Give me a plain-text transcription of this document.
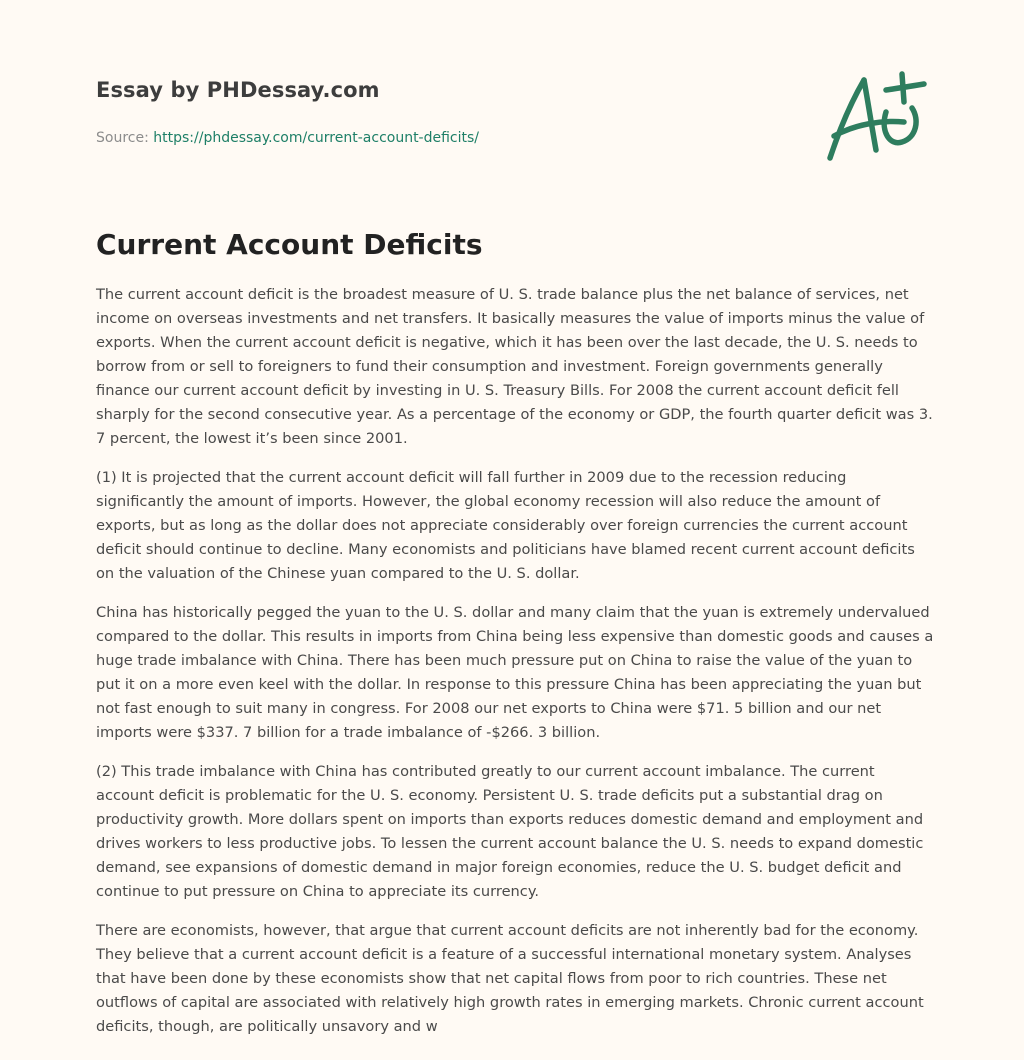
Essay by PHDessay.com
Source: https://phdessay.com/current-account-deficits/
Current Account Deficits

The current account deficit is the broadest measure of U. S. trade balance plus the net balance of services, net income on overseas investments and net transfers. It basically measures the value of imports minus the value of exports. When the current account deficit is negative, which it has been over the last decade, the U. S. needs to borrow from or sell to foreigners to fund their consumption and investment. Foreign governments generally finance our current account deficit by investing in U. S. Treasury Bills. For 2008 the current account deficit fell sharply for the second consecutive year. As a percentage of the economy or GDP, the fourth quarter deficit was 3. 7 percent, the lowest it’s been since 2001.

(1) It is projected that the current account deficit will fall further in 2009 due to the recession reducing significantly the amount of imports. However, the global economy recession will also reduce the amount of exports, but as long as the dollar does not appreciate considerably over foreign currencies the current account deficit should continue to decline. Many economists and politicians have blamed recent current account deficits on the valuation of the Chinese yuan compared to the U. S. dollar.

China has historically pegged the yuan to the U. S. dollar and many claim that the yuan is extremely undervalued compared to the dollar. This results in imports from China being less expensive than domestic goods and causes a huge trade imbalance with China. There has been much pressure put on China to raise the value of the yuan to put it on a more even keel with the dollar. In response to this pressure China has been appreciating the yuan but not fast enough to suit many in congress. For 2008 our net exports to China were $71. 5 billion and our net imports were $337. 7 billion for a trade imbalance of -$266. 3 billion.

(2) This trade imbalance with China has contributed greatly to our current account imbalance. The current account deficit is problematic for the U. S. economy. Persistent U. S. trade deficits put a substantial drag on productivity growth. More dollars spent on imports than exports reduces domestic demand and employment and drives workers to less productive jobs. To lessen the current account balance the U. S. needs to expand domestic demand, see expansions of domestic demand in major foreign economies, reduce the U. S. budget deficit and continue to put pressure on China to appreciate its currency.

There are economists, however, that argue that current account deficits are not inherently bad for the economy. They believe that a current account deficit is a feature of a successful international monetary system. Analyses that have been done by these economists show that net capital flows from poor to rich countries. These net outflows of capital are associated with relatively high growth rates in emerging markets. Chronic current account deficits, though, are politically unsavory and w
